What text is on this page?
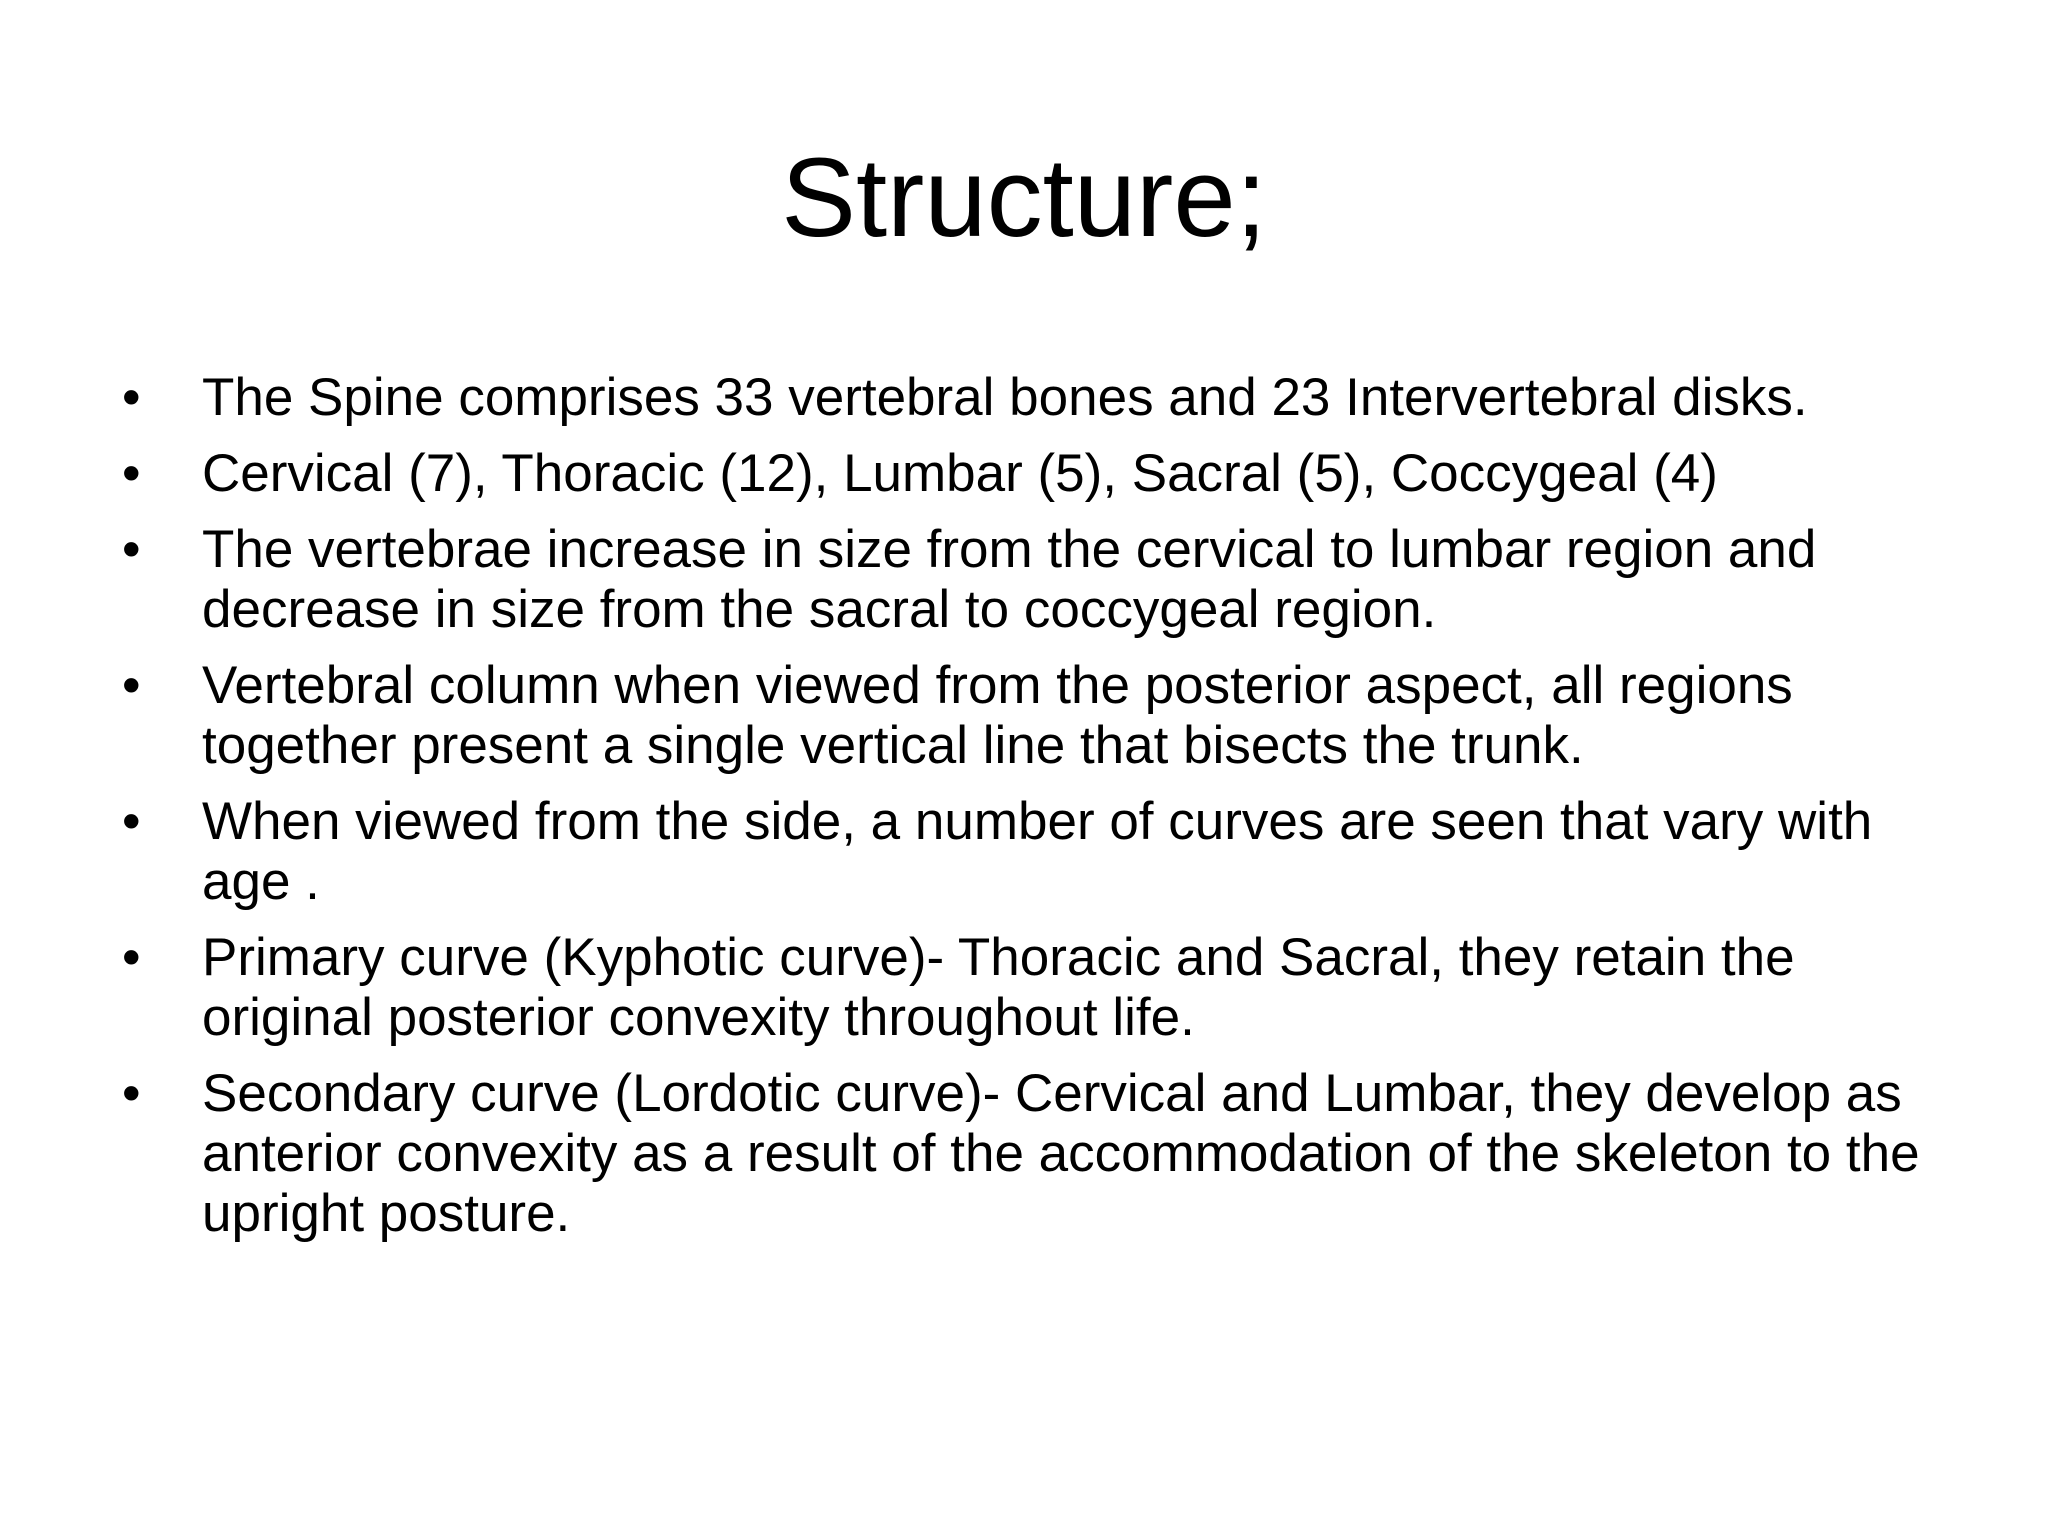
Structure;
• The Spine comprises 33 vertebral bones and 23 Intervertebral disks.
• Cervical (7), Thoracic (12), Lumbar (5), Sacral (5), Coccygeal (4)
• The vertebrae increase in size from the cervical to lumbar region and decrease in size from the sacral to coccygeal region.
• Vertebral column when viewed from the posterior aspect, all regions together present a single vertical line that bisects the trunk.
• When viewed from the side, a number of curves are seen that vary with age .
• Primary curve (Kyphotic curve)- Thoracic and Sacral, they retain the original posterior convexity throughout life.
• Secondary curve (Lordotic curve)- Cervical and Lumbar, they develop as anterior convexity as a result of the accommodation of the skeleton to the upright posture.
